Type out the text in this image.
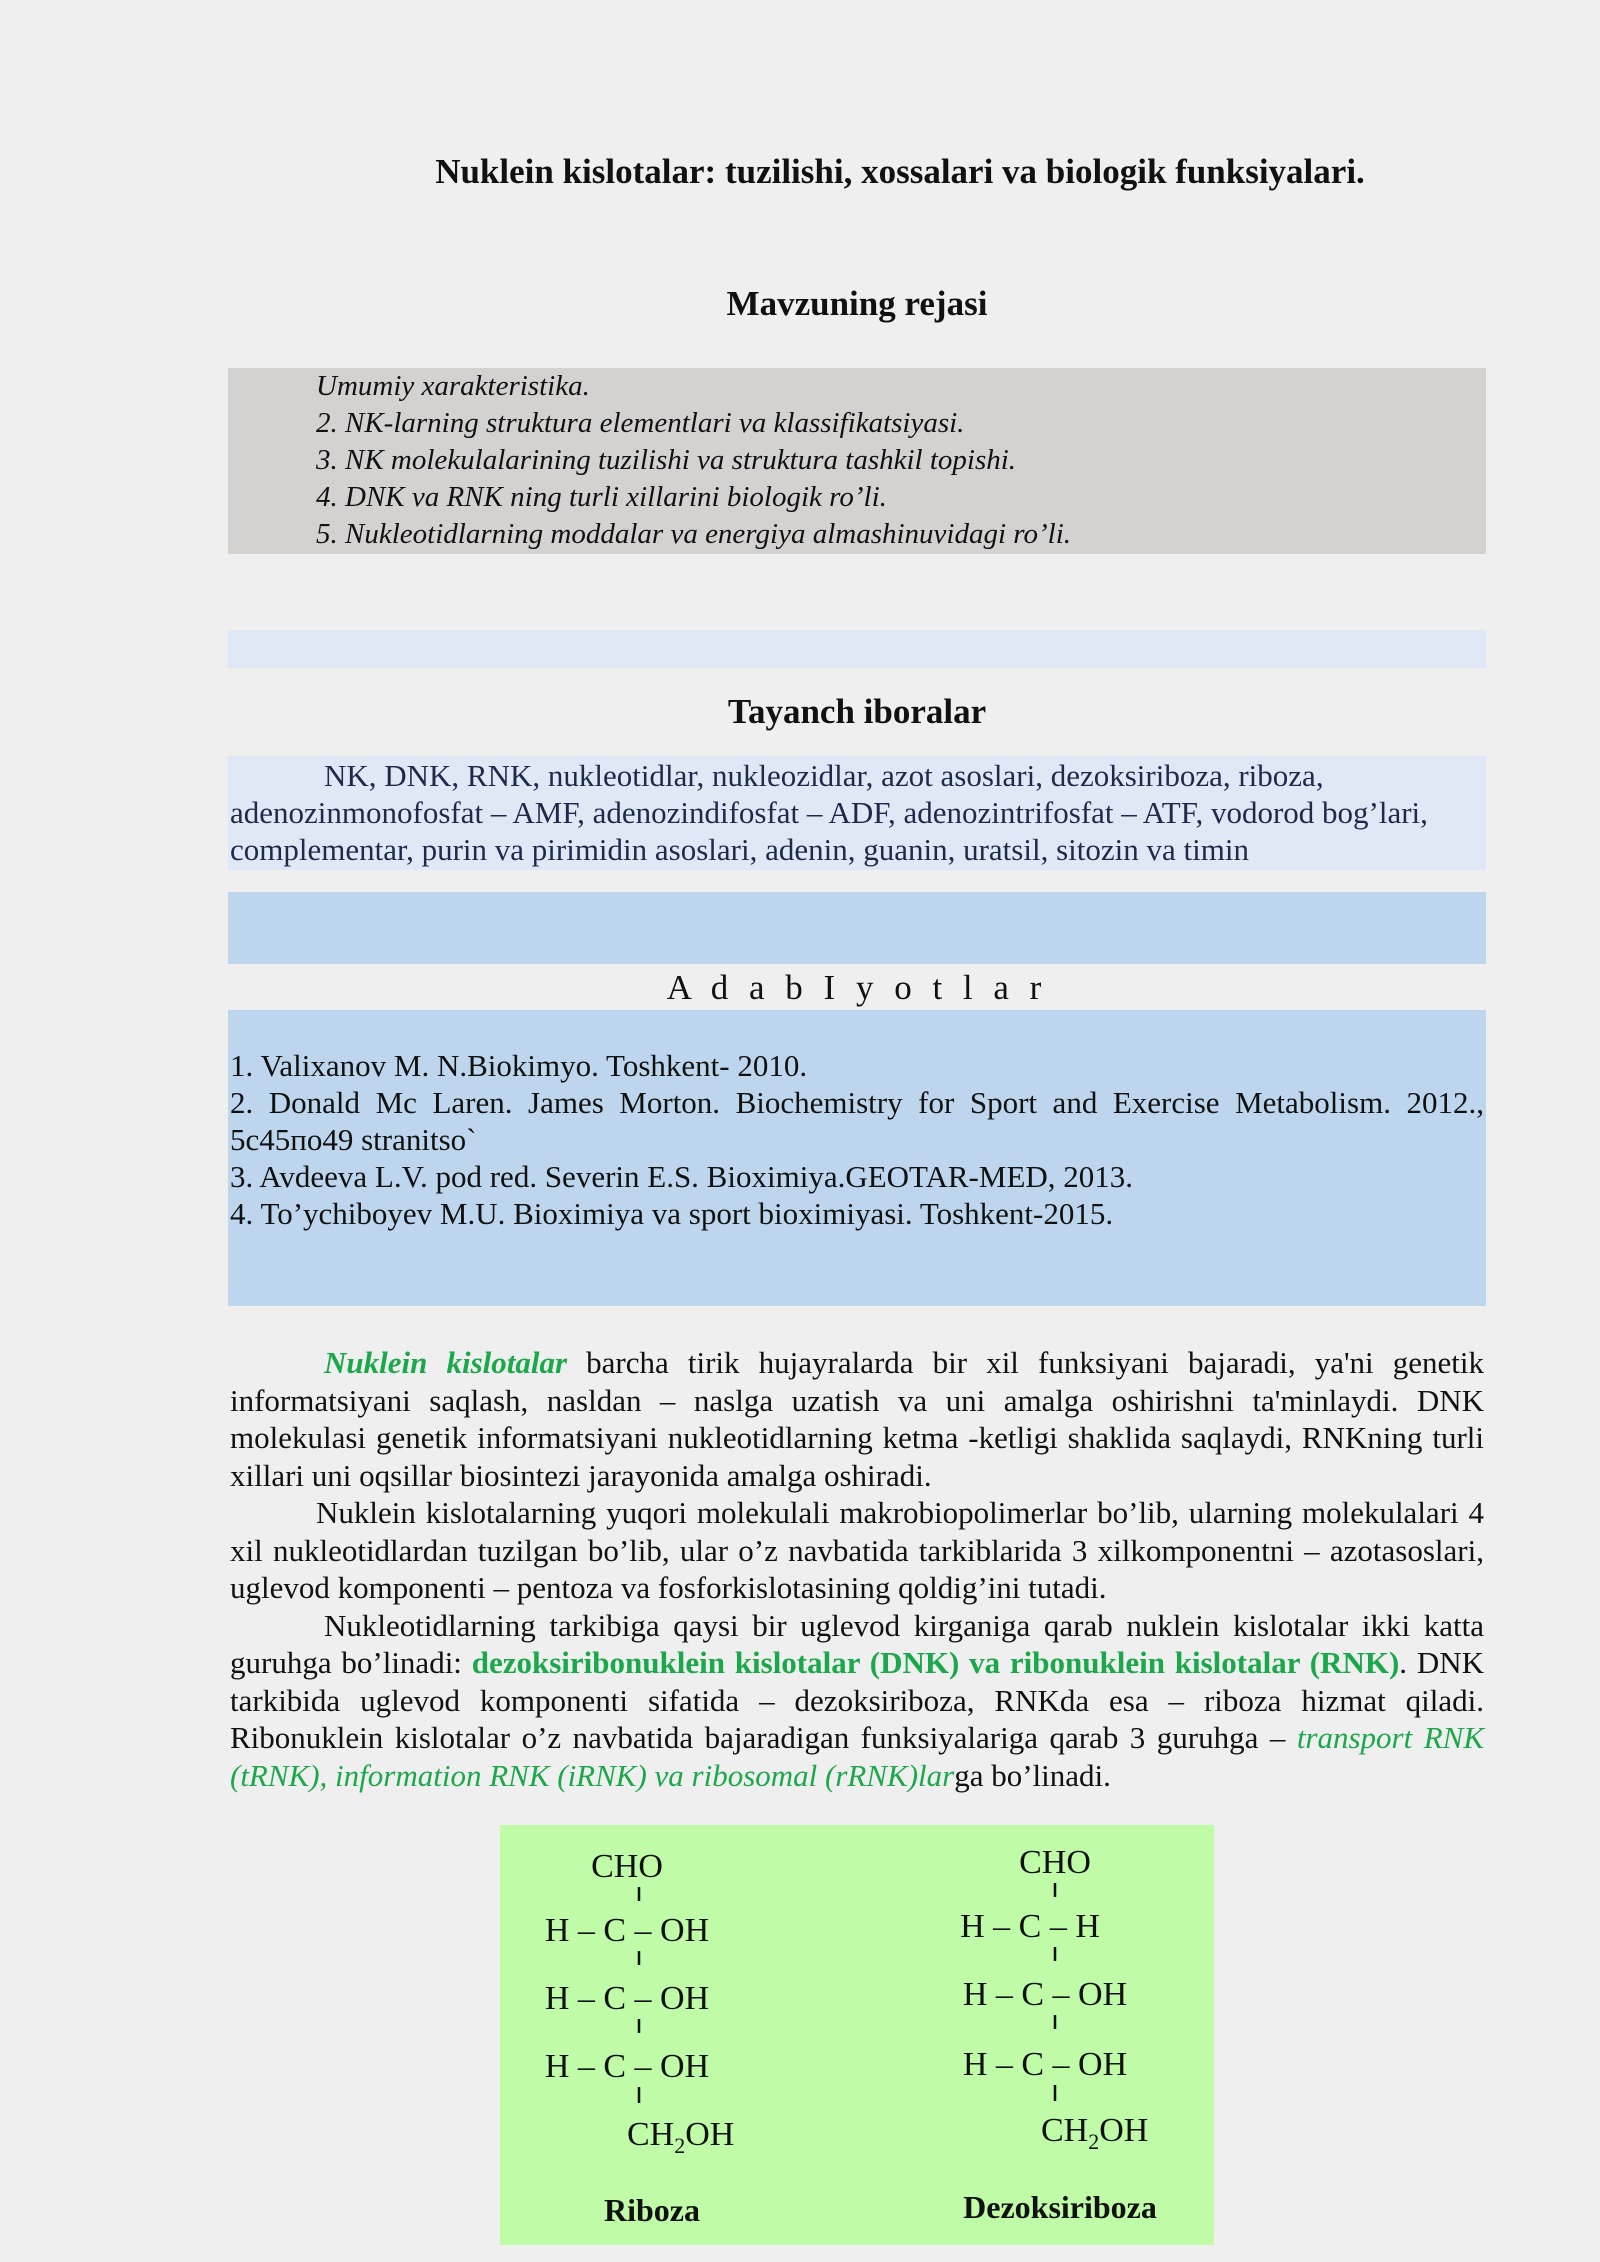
Nuklein kislotalar: tuzilishi, xossalari va biologik funksiyalari.
Mavzuning rejasi
Umumiy xarakteristika.
2. NK-larning struktura elementlari va klassifikatsiyasi.
3. NK molekulalarining tuzilishi va struktura tashkil topishi.
4. DNK va RNK ning turli xillarini biologik ro’li.
5. Nukleotidlarning moddalar va energiya almashinuvidagi ro’li.
Tayanch iboralar
NK, DNK, RNK, nukleotidlar, nukleozidlar, azot asoslari, dezoksiriboza, riboza, adenozinmonofosfat – AMF, adenozindifosfat – ADF, adenozintrifosfat – ATF, vodorod bog’lari, complementar, purin va pirimidin asoslari, adenin, guanin, uratsil, sitozin va timin
A d a b I y o t l a r
1. Valixanov M. N.Biokimyo. Toshkent- 2010.
2. Donald Mc Laren. James Morton. Biochemistry for Sport and Exercise Metabolism. 2012., 5c45по49 stranitso`
3. Avdeeva L.V. pod red. Severin E.S. Bioximiya.GEOTAR-MED, 2013.
4. To’ychiboyev M.U. Bioximiya va sport bioximiyasi. Toshkent-2015.

Nuklein kislotalar barcha tirik hujayralarda bir xil funksiyani bajaradi, ya'ni genetik informatsiyani saqlash, nasldan – naslga uzatish va uni amalga oshirishni ta'minlaydi. DNK molekulasi genetik informatsiyani nukleotidlarning ketma -ketligi shaklida saqlaydi, RNKning turli xillari uni oqsillar biosintezi jarayonida amalga oshiradi.

Nuklein kislotalarning yuqori molekulali makrobiopolimerlar bo’lib, ularning molekulalari 4 xil nukleotidlardan tuzilgan bo’lib, ular o’z navbatida tarkiblarida 3 xilkomponentni – azotasoslari, uglevod komponenti – pentoza va fosforkislotasining qoldig’ini tutadi.

Nukleotidlarning tarkibiga qaysi bir uglevod kirganiga qarab nuklein kislotalar ikki katta guruhga bo’linadi: dezoksiribonuklein kislotalar (DNK) va ribonuklein kislotalar (RNK). DNK tarkibida uglevod komponenti sifatida – dezoksiriboza, RNKda esa – riboza hizmat qiladi. Ribonuklein kislotalar o’z navbatida bajaradigan funksiyalariga qarab 3 guruhga – transport RNK (tRNK), information RNK (iRNK) va ribosomal (rRNK)larga bo’linadi.

CHO
H – C – OH
H – C – OH
H – C – OH
$CH_2OH$
Riboza
CHO
H – C – H
H – C – OH
H – C – OH
$CH_2OH$
Dezoksiriboza
